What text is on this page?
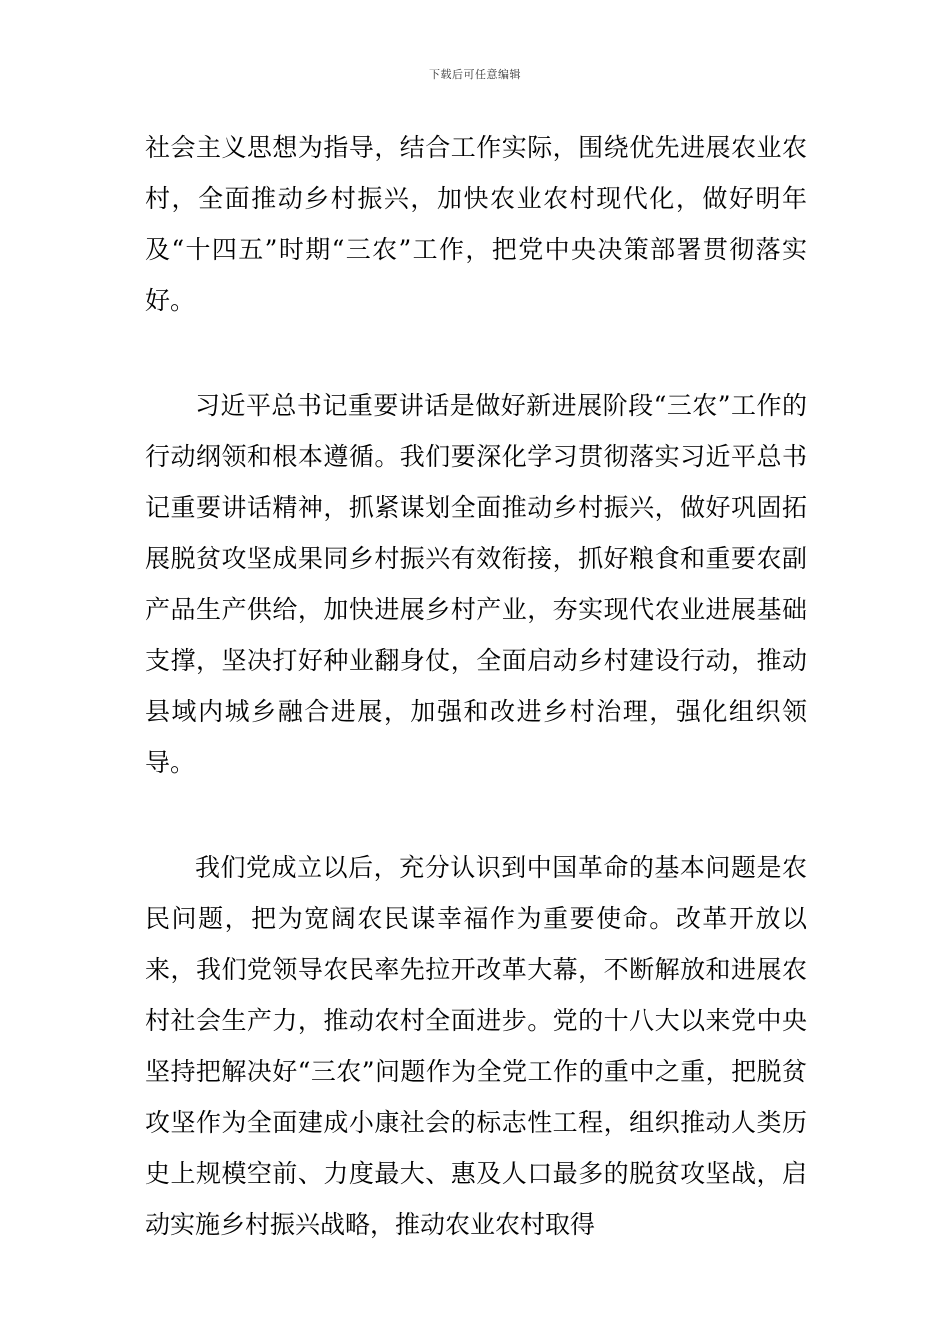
下载后可任意编辑

社会主义思想为指导，结合工作实际，围绕优先进展农业农村，全面推动乡村振兴，加快农业农村现代化，做好明年及“十四五”时期“三农”工作，把党中央决策部署贯彻落实好。

习近平总书记重要讲话是做好新进展阶段“三农”工作的行动纲领和根本遵循。我们要深化学习贯彻落实习近平总书记重要讲话精神，抓紧谋划全面推动乡村振兴，做好巩固拓展脱贫攻坚成果同乡村振兴有效衔接，抓好粮食和重要农副产品生产供给，加快进展乡村产业，夯实现代农业进展基础支撑，坚决打好种业翻身仗，全面启动乡村建设行动，推动县域内城乡融合进展，加强和改进乡村治理，强化组织领导。

我们党成立以后，充分认识到中国革命的基本问题是农民问题，把为宽阔农民谋幸福作为重要使命。改革开放以来，我们党领导农民率先拉开改革大幕，不断解放和进展农村社会生产力，推动农村全面进步。党的十八大以来党中央坚持把解决好“三农”问题作为全党工作的重中之重，把脱贫攻坚作为全面建成小康社会的标志性工程，组织推动人类历史上规模空前、力度最大、惠及人口最多的脱贫攻坚战，启动实施乡村振兴战略，推动农业农村取得
